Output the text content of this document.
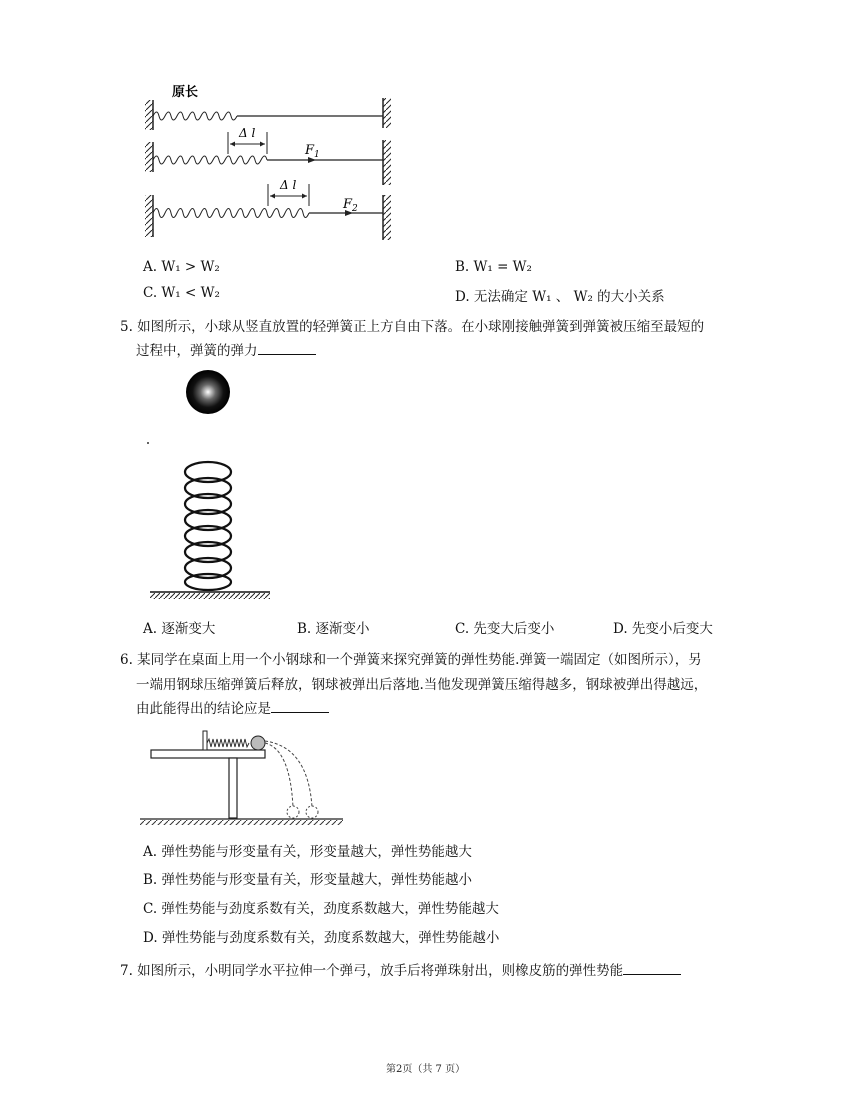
原长
Δ l
$F_1$
Δ l
$F_2$
A. W₁ > W₂	B. W₁ = W₂
C. W₁ < W₂	D. 无法确定 W₁ 、 W₂ 的大小关系
5. 如图所示，小球从竖直放置的轻弹簧正上方自由下落。在小球刚接触弹簧到弹簧被压缩至最短的
过程中，弹簧的弹力
A. 逐渐变大	B. 逐渐变小	C. 先变大后变小	D. 先变小后变大
6. 某同学在桌面上用一个小钢球和一个弹簧来探究弹簧的弹性势能.弹簧一端固定（如图所示），另
一端用钢球压缩弹簧后释放，钢球被弹出后落地.当他发现弹簧压缩得越多，钢球被弹出得越远，
由此能得出的结论应是
A. 弹性势能与形变量有关，形变量越大，弹性势能越大
B. 弹性势能与形变量有关，形变量越大，弹性势能越小
C. 弹性势能与劲度系数有关，劲度系数越大，弹性势能越大
D. 弹性势能与劲度系数有关，劲度系数越大，弹性势能越小
7. 如图所示，小明同学水平拉伸一个弹弓，放手后将弹珠射出，则橡皮筋的弹性势能
第2页（共 7 页）
